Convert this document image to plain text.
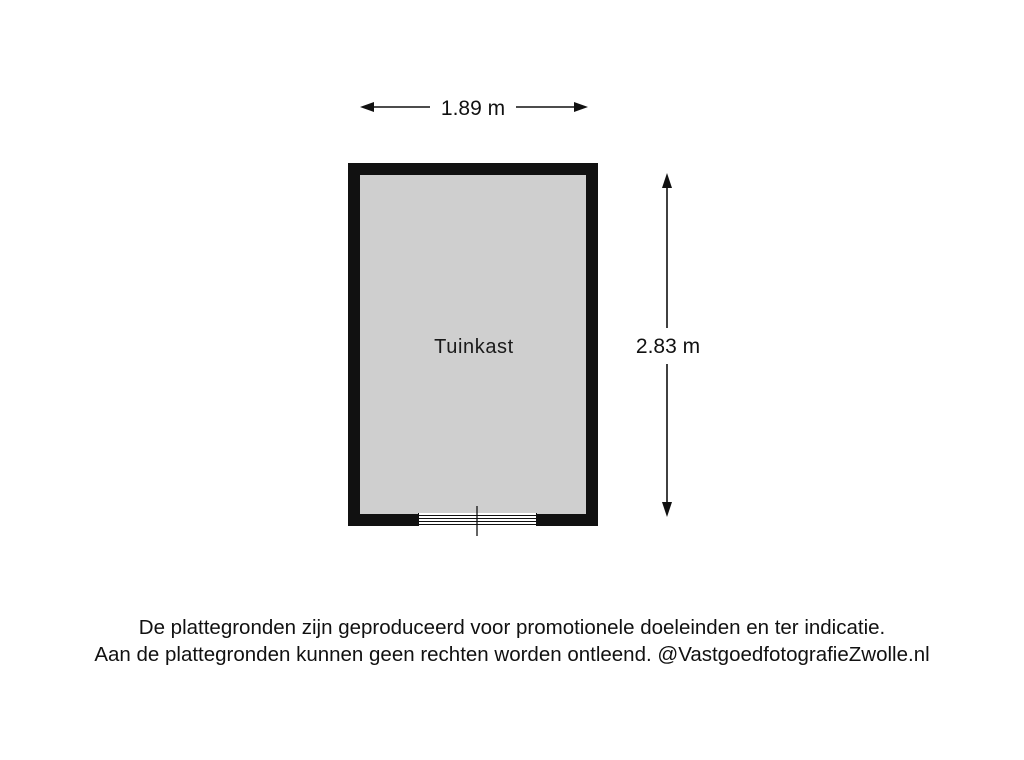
1.89 m
2.83 m
Tuinkast

De plattegronden zijn geproduceerd voor promotionele doeleinden en ter indicatie.

Aan de plattegronden kunnen geen rechten worden ontleend. @VastgoedfotografieZwolle.nl
